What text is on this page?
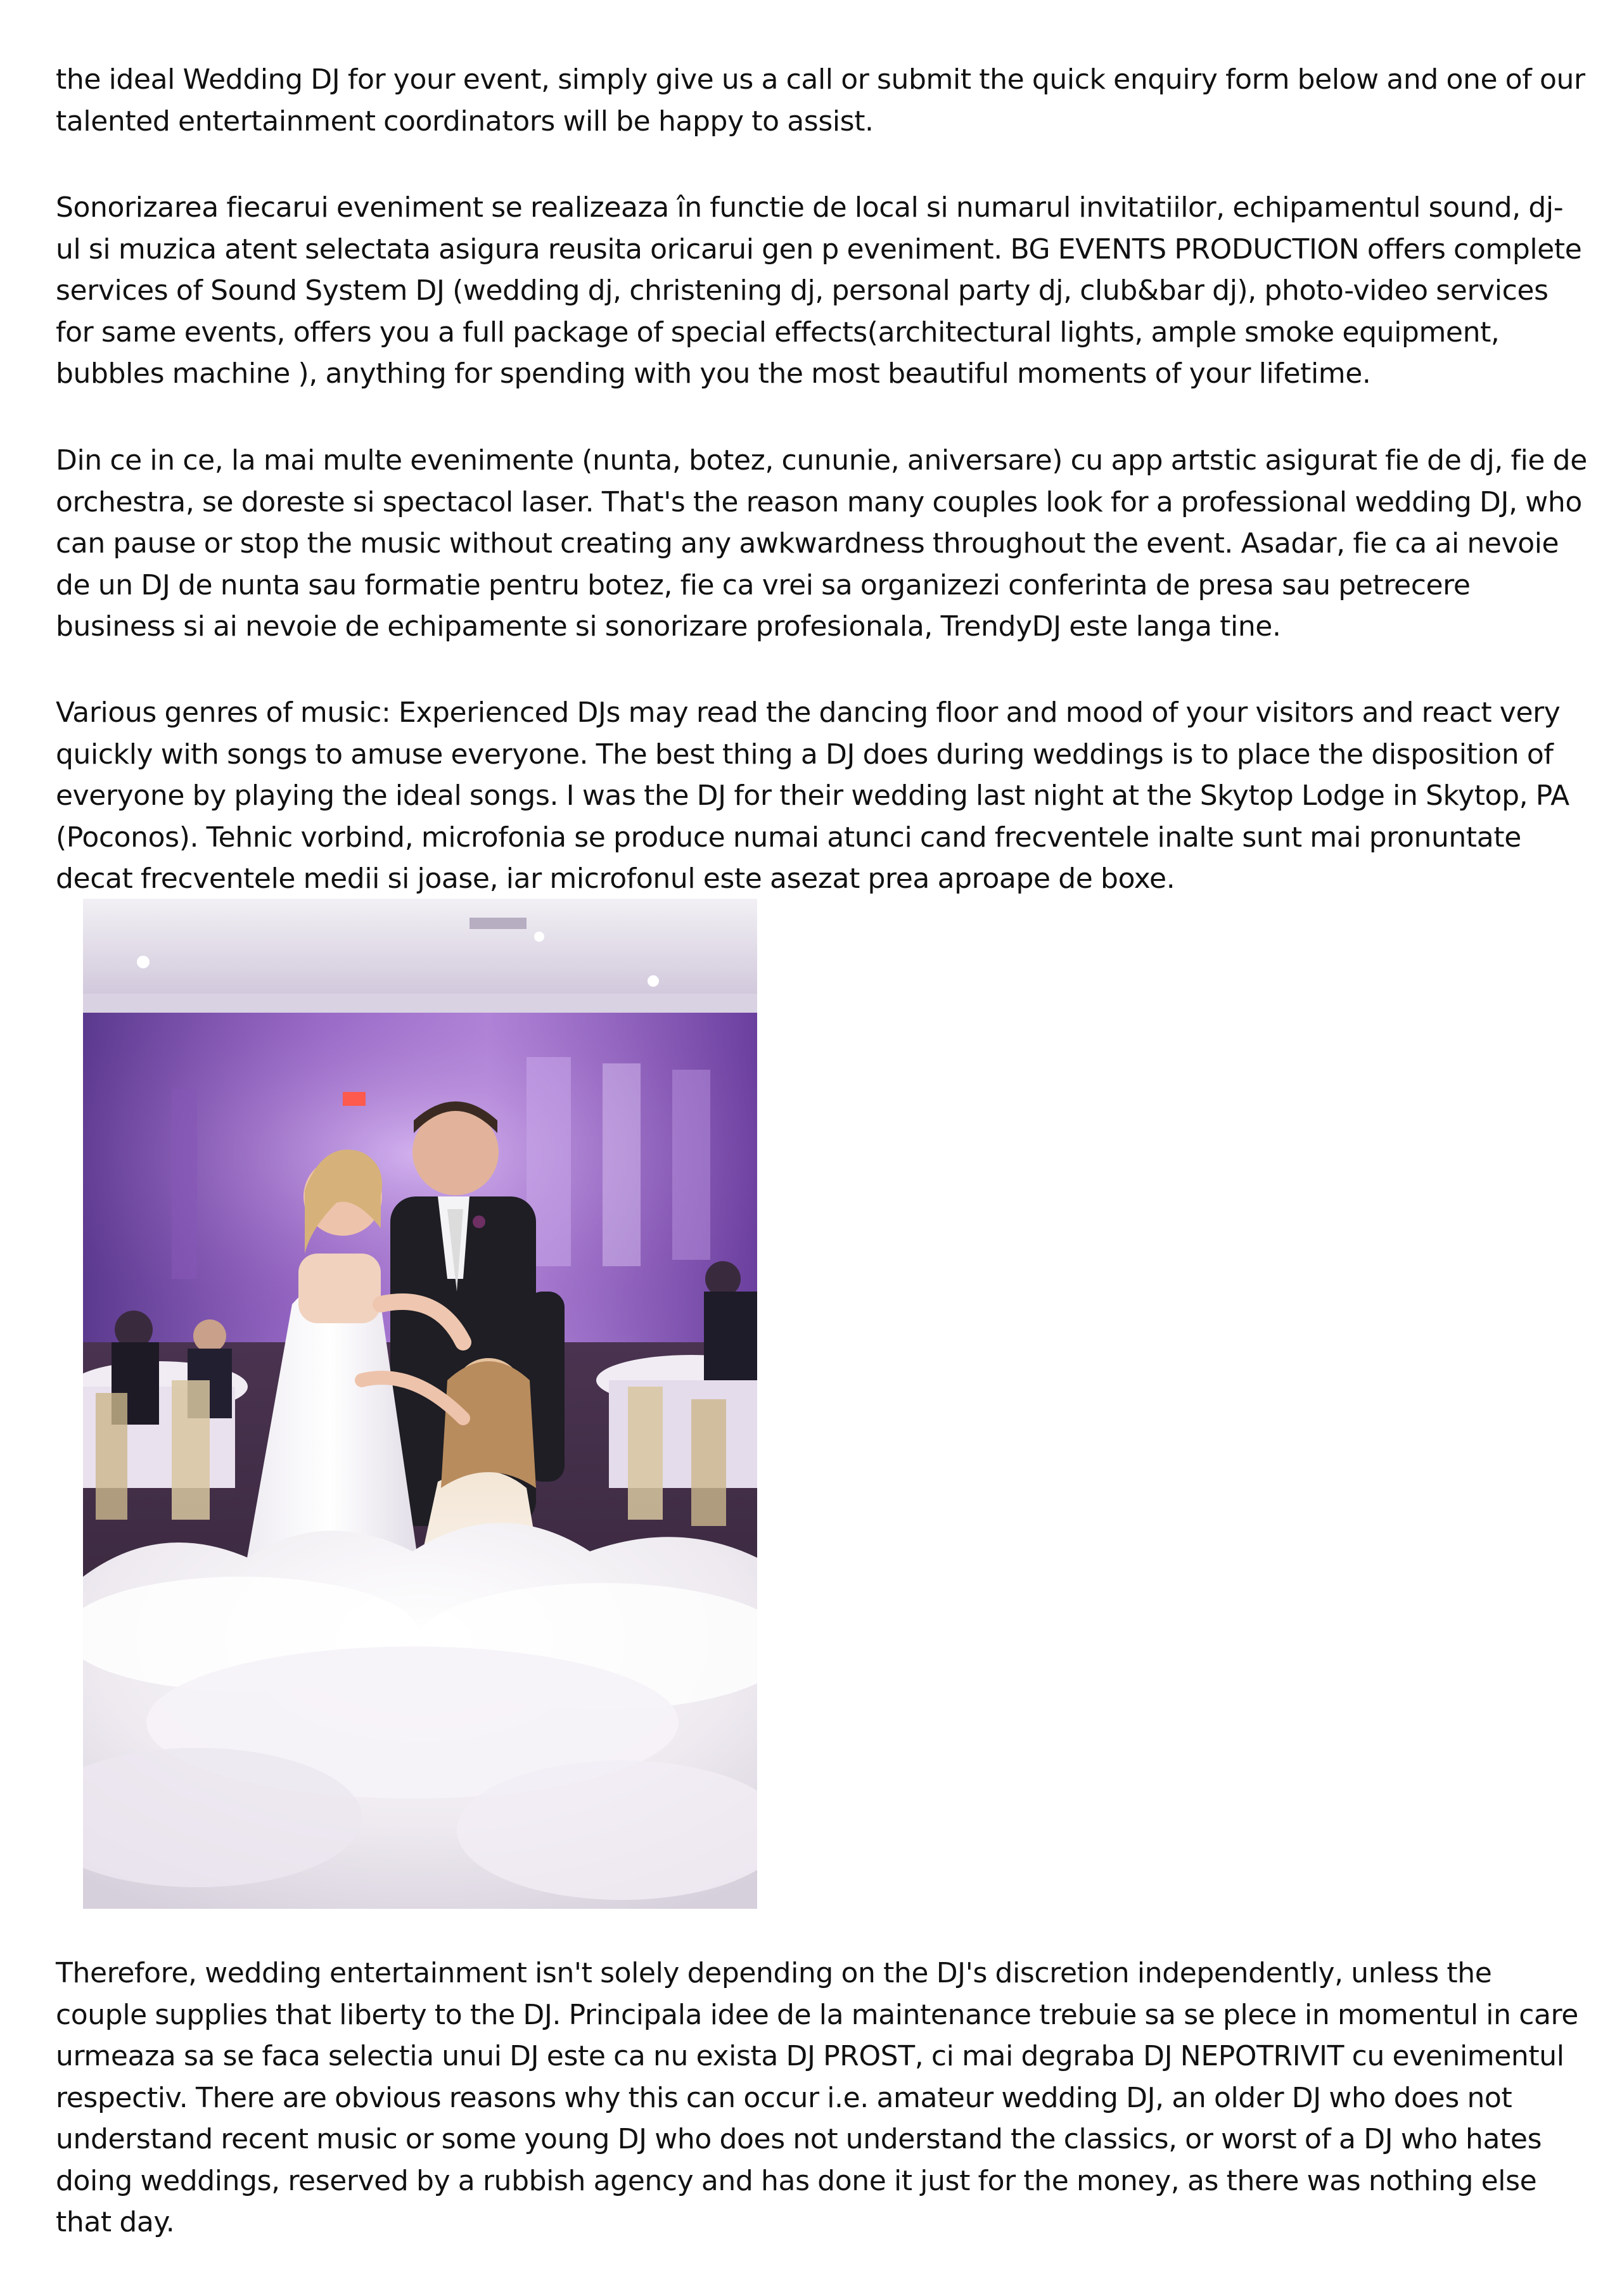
the ideal Wedding DJ for your event, simply give us a call or submit the quick enquiry form below and one of our talented entertainment coordinators will be happy to assist.

Sonorizarea fiecarui eveniment se realizeaza în functie de local si numarul invitatiilor, echipamentul sound, dj- ul si muzica atent selectata asigura reusita oricarui gen p eveniment. BG EVENTS PRODUCTION offers complete services of Sound System DJ (wedding dj, christening dj, personal party dj, club&bar dj), photo-video services for same events, offers you a full package of special effects(architectural lights, ample smoke equipment, bubbles machine ), anything for spending with you the most beautiful moments of your lifetime.

Din ce in ce, la mai multe evenimente (nunta, botez, cununie, aniversare) cu app artstic asigurat fie de dj, fie de orchestra, se doreste si spectacol laser. That's the reason many couples look for a professional wedding DJ, who can pause or stop the music without creating any awkwardness throughout the event. Asadar, fie ca ai nevoie de un DJ de nunta sau formatie pentru botez, fie ca vrei sa organizezi conferinta de presa sau petrecere business si ai nevoie de echipamente si sonorizare profesionala, TrendyDJ este langa tine.

Various genres of music: Experienced DJs may read the dancing floor and mood of your visitors and react very quickly with songs to amuse everyone. The best thing a DJ does during weddings is to place the disposition of everyone by playing the ideal songs. I was the DJ for their wedding last night at the Skytop Lodge in Skytop, PA (Poconos). Tehnic vorbind, microfonia se produce numai atunci cand frecventele inalte sunt mai pronuntate decat frecventele medii si joase, iar microfonul este asezat prea aproape de boxe.

Therefore, wedding entertainment isn't solely depending on the DJ's discretion independently, unless the couple supplies that liberty to the DJ. Principala idee de la maintenance trebuie sa se plece in momentul in care urmeaza sa se faca selectia unui DJ este ca nu exista DJ PROST, ci mai degraba DJ NEPOTRIVIT cu evenimentul respectiv. There are obvious reasons why this can occur i.e. amateur wedding DJ, an older DJ who does not understand recent music or some young DJ who does not understand the classics, or worst of a DJ who hates doing weddings, reserved by a rubbish agency and has done it just for the money, as there was nothing else that day.
